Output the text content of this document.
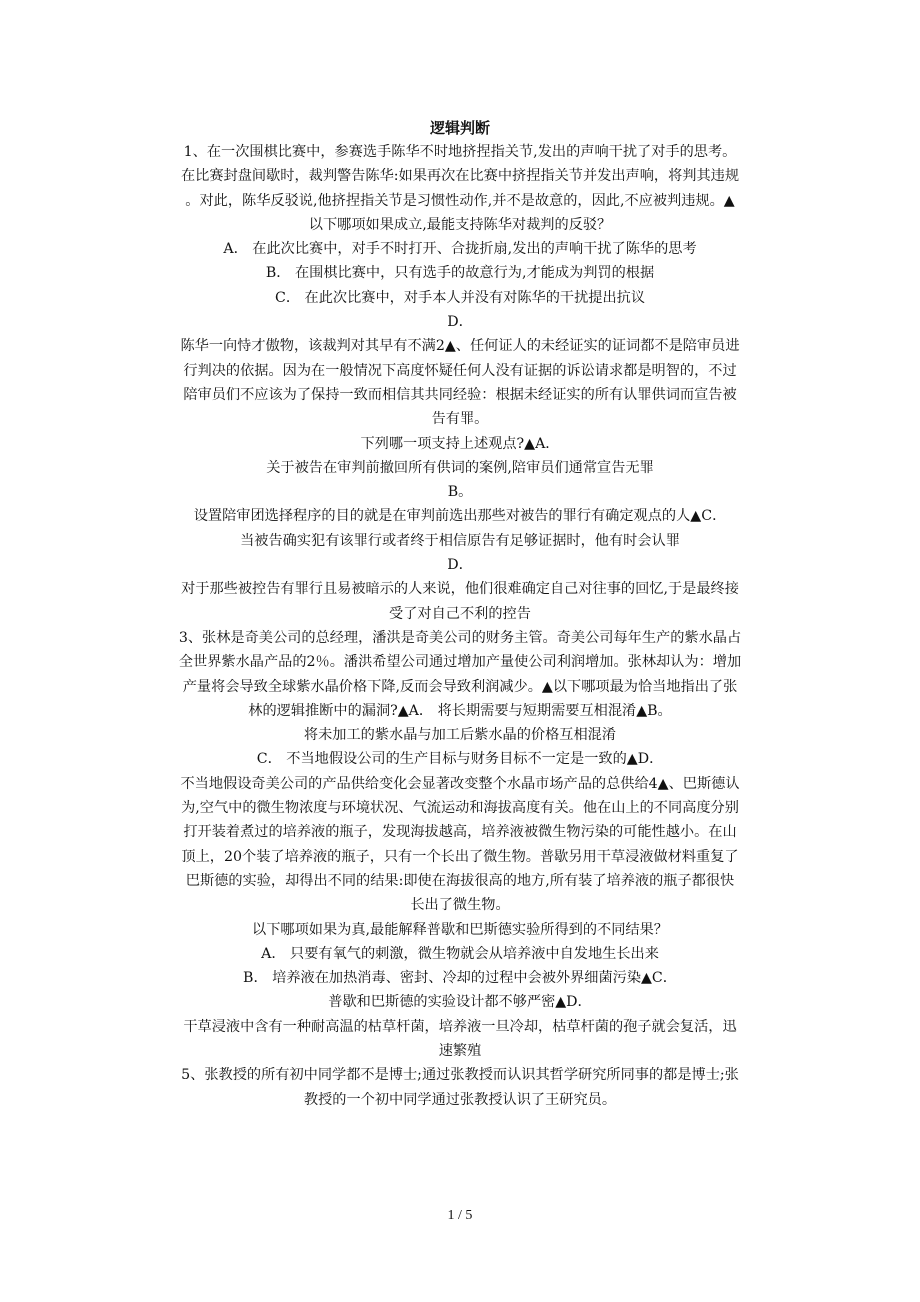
逻辑判断

1、在一次围棋比赛中，参赛选手陈华不时地挤捏指关节,发出的声响干扰了对手的思考。

在比赛封盘间歇时，裁判警告陈华:如果再次在比赛中挤捏指关节并发出声响，将判其违规

。对此，陈华反驳说,他挤捏指关节是习惯性动作,并不是故意的，因此,不应被判违规。▲

以下哪项如果成立,最能支持陈华对裁判的反驳？

A． 在此次比赛中，对手不时打开、合拢折扇,发出的声响干扰了陈华的思考

B． 在围棋比赛中，只有选手的故意行为,才能成为判罚的根据

C． 在此次比赛中，对手本人并没有对陈华的干扰提出抗议

D．

陈华一向恃才傲物，该裁判对其早有不满2▲、任何证人的未经证实的证词都不是陪审员进

行判决的依据。因为在一般情况下高度怀疑任何人没有证据的诉讼请求都是明智的，不过

陪审员们不应该为了保持一致而相信其共同经验：根据未经证实的所有认罪供词而宣告被

告有罪。

下列哪一项支持上述观点?▲A．

关于被告在审判前撤回所有供词的案例,陪审员们通常宣告无罪

B。

设置陪审团选择程序的目的就是在审判前选出那些对被告的罪行有确定观点的人▲C．

当被告确实犯有该罪行或者终于相信原告有足够证据时，他有时会认罪

D．

对于那些被控告有罪行且易被暗示的人来说，他们很难确定自己对往事的回忆,于是最终接

受了对自己不利的控告

3、张林是奇美公司的总经理，潘洪是奇美公司的财务主管。奇美公司每年生产的紫水晶占

全世界紫水晶产品的2％。潘洪希望公司通过增加产量使公司利润增加。张林却认为：增加

产量将会导致全球紫水晶价格下降,反而会导致利润减少。▲以下哪项最为恰当地指出了张

林的逻辑推断中的漏洞?▲A． 将长期需要与短期需要互相混淆▲B。

将未加工的紫水晶与加工后紫水晶的价格互相混淆

C． 不当地假设公司的生产目标与财务目标不一定是一致的▲D．

不当地假设奇美公司的产品供给变化会显著改变整个水晶市场产品的总供给4▲、巴斯德认

为,空气中的微生物浓度与环境状况、气流运动和海拔高度有关。他在山上的不同高度分别

打开装着煮过的培养液的瓶子，发现海拔越高，培养液被微生物污染的可能性越小。在山

顶上，20个装了培养液的瓶子，只有一个长出了微生物。普歇另用干草浸液做材料重复了

巴斯德的实验，却得出不同的结果:即使在海拔很高的地方,所有装了培养液的瓶子都很快

长出了微生物。

以下哪项如果为真,最能解释普歇和巴斯德实验所得到的不同结果？

A． 只要有氧气的刺激，微生物就会从培养液中自发地生长出来

B． 培养液在加热消毒、密封、冷却的过程中会被外界细菌污染▲C．

普歇和巴斯德的实验设计都不够严密▲D．

干草浸液中含有一种耐高温的枯草杆菌，培养液一旦冷却，枯草杆菌的孢子就会复活，迅

速繁殖

5、张教授的所有初中同学都不是博士;通过张教授而认识其哲学研究所同事的都是博士;张

教授的一个初中同学通过张教授认识了王研究员。

1 / 5
